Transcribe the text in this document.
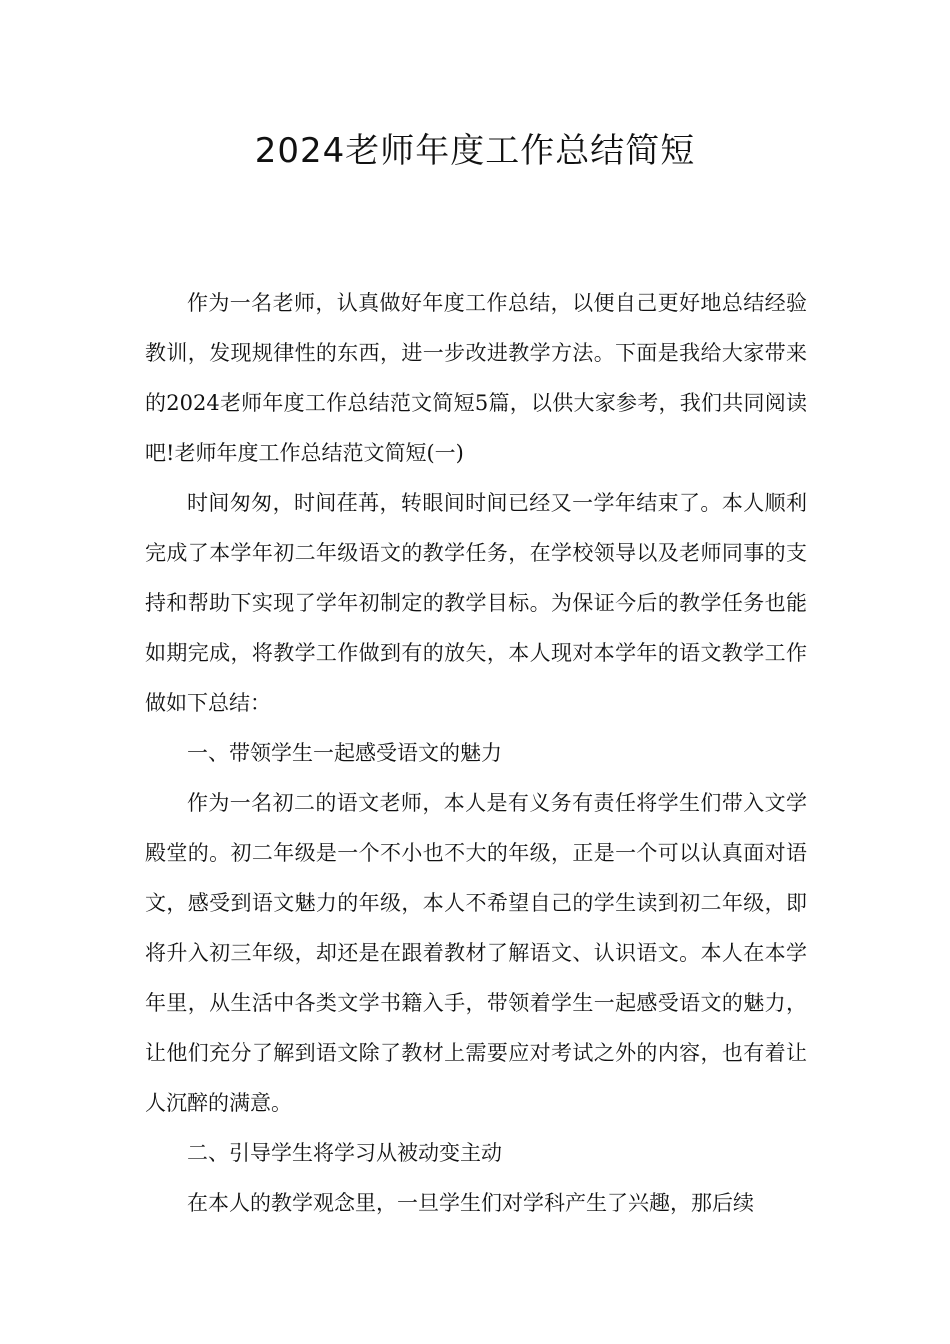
2024老师年度工作总结简短

作为一名老师，认真做好年度工作总结，以便自己更好地总结经验教训，发现规律性的东西，进一步改进教学方法。下面是我给大家带来的2024老师年度工作总结范文简短5篇，以供大家参考，我们共同阅读吧!老师年度工作总结范文简短(一)

时间匆匆，时间荏苒，转眼间时间已经又一学年结束了。本人顺利完成了本学年初二年级语文的教学任务，在学校领导以及老师同事的支持和帮助下实现了学年初制定的教学目标。为保证今后的教学任务也能如期完成，将教学工作做到有的放矢，本人现对本学年的语文教学工作做如下总结：

一、带领学生一起感受语文的魅力

作为一名初二的语文老师，本人是有义务有责任将学生们带入文学殿堂的。初二年级是一个不小也不大的年级，正是一个可以认真面对语文，感受到语文魅力的年级，本人不希望自己的学生读到初二年级，即将升入初三年级，却还是在跟着教材了解语文、认识语文。本人在本学年里，从生活中各类文学书籍入手，带领着学生一起感受语文的魅力，让他们充分了解到语文除了教材上需要应对考试之外的内容，也有着让人沉醉的满意。

二、引导学生将学习从被动变主动

在本人的教学观念里，一旦学生们对学科产生了兴趣，那后续
